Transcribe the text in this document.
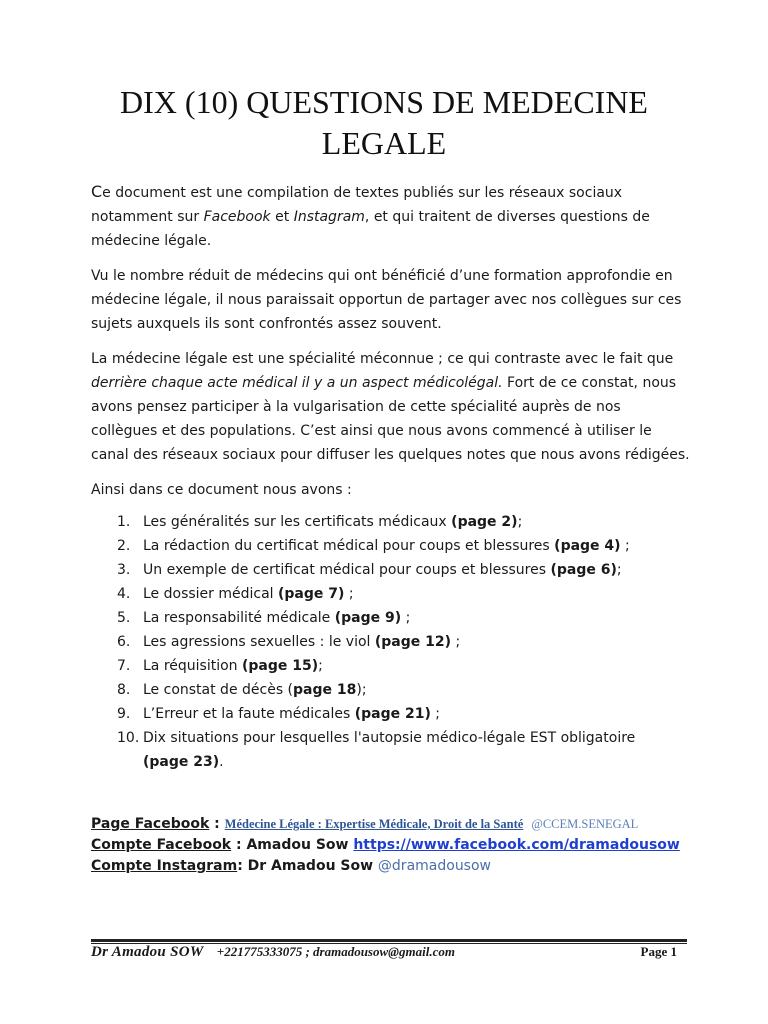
DIX (10) QUESTIONS DE MEDECINE
LEGALE

Ce document est une compilation de textes publiés sur les réseaux sociaux notamment sur Facebook et Instagram, et qui traitent de diverses questions de médecine légale.

Vu le nombre réduit de médecins qui ont bénéficié d’une formation approfondie en médecine légale, il nous paraissait opportun de partager avec nos collègues sur ces sujets auxquels ils sont confrontés assez souvent.

La médecine légale est une spécialité méconnue ; ce qui contraste avec le fait que derrière chaque acte médical il y a un aspect médicolégal. Fort de ce constat, nous avons pensez participer à la vulgarisation de cette spécialité auprès de nos collègues et des populations. C’est ainsi que nous avons commencé à utiliser le canal des réseaux sociaux pour diffuser les quelques notes que nous avons rédigées.

Ainsi dans ce document nous avons :

1. Les généralités sur les certificats médicaux (page 2);
2. La rédaction du certificat médical pour coups et blessures (page 4) ;
3. Un exemple de certificat médical pour coups et blessures (page 6);
4. Le dossier médical (page 7) ;
5. La responsabilité médicale (page 9) ;
6. Les agressions sexuelles : le viol (page 12) ;
7. La réquisition (page 15);
8. Le constat de décès (page 18);
9. L’Erreur et la faute médicales (page 21) ;
10. Dix situations pour lesquelles l'autopsie médico-légale EST obligatoire
(page 23).
Page Facebook : Médecine Légale : Expertise Médicale, Droit de la Santé @CCEM.SENEGAL
Compte Facebook : Amadou Sow https://www.facebook.com/dramadousow
Compte Instagram: Dr Amadou Sow @dramadousow
Dr Amadou SOW +221775333075 ; dramadousow@gmail.com	Page 1
